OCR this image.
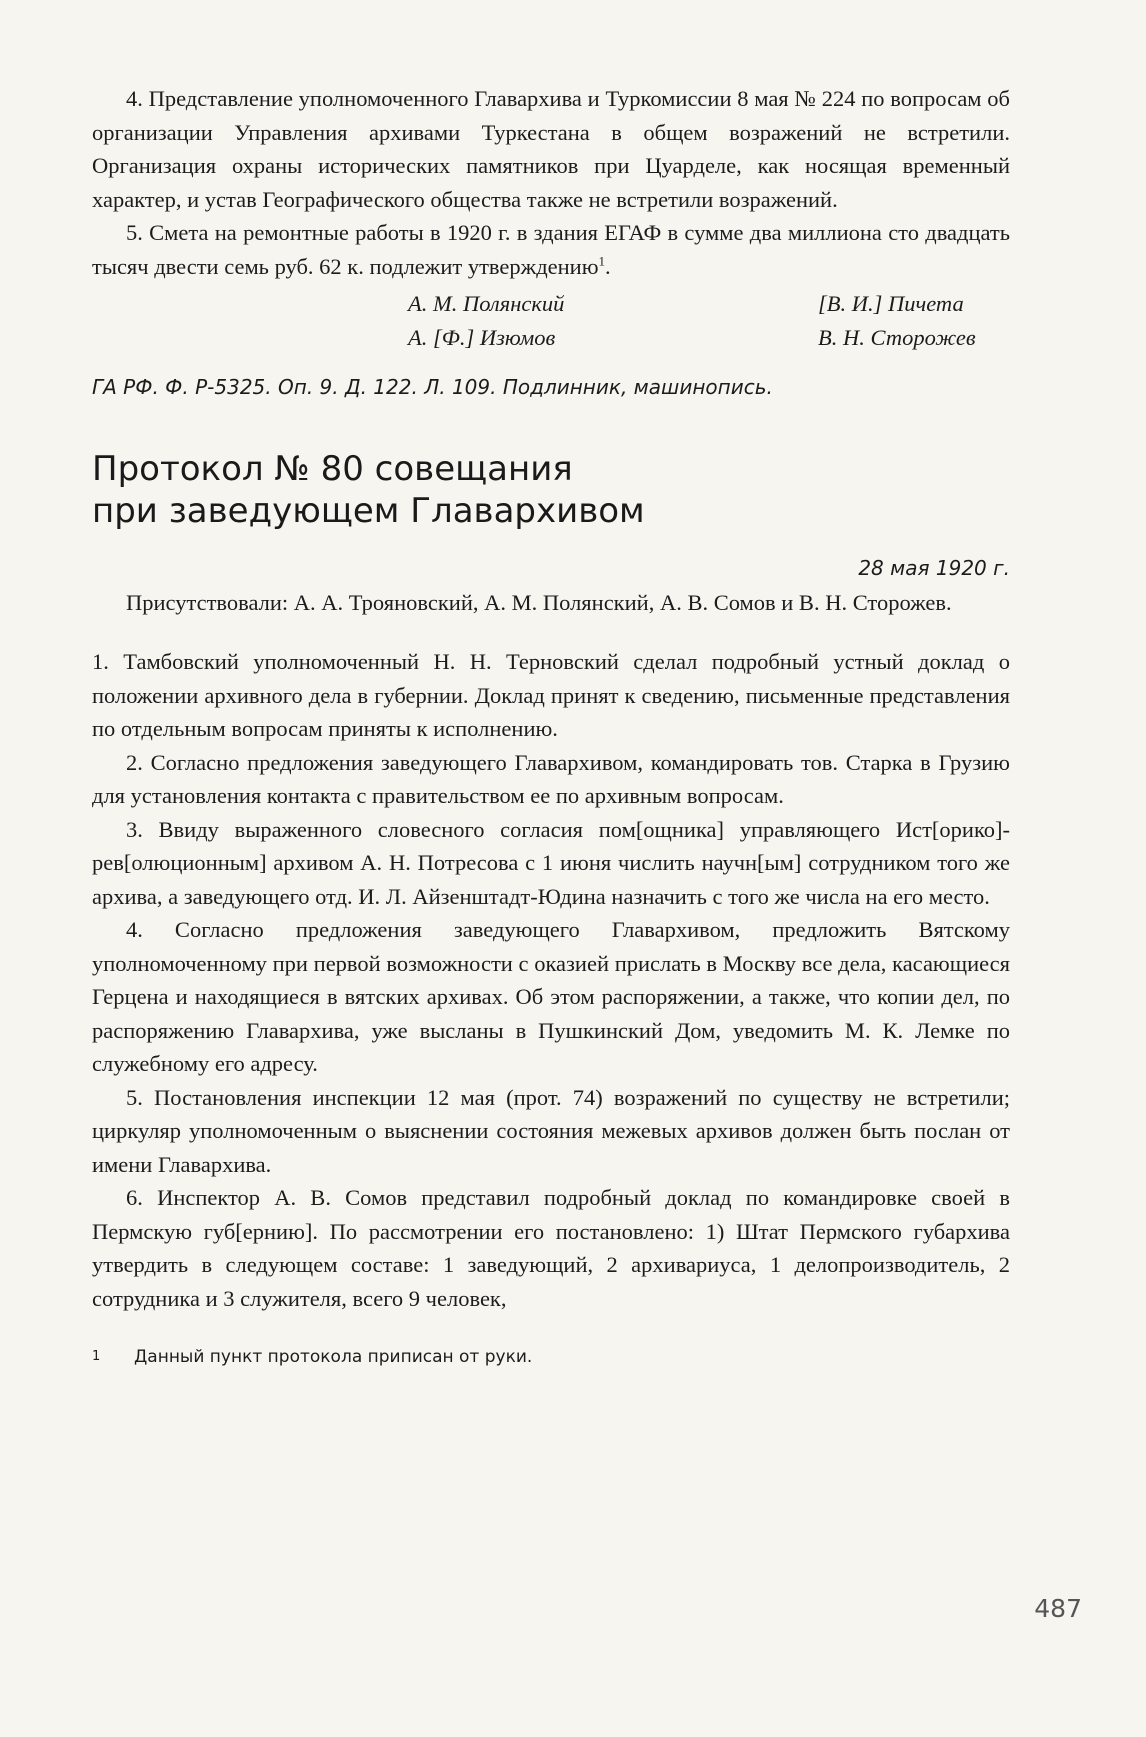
4. Представление уполномоченного Главархива и Туркомиссии 8 мая № 224 по вопросам об организации Управления архивами Туркестана в общем возражений не встретили. Организация охраны исторических памятников при Цуарделе, как носящая временный характер, и устав Географического общества также не встретили возражений.

5. Смета на ремонтные работы в 1920 г. в здания ЕГАФ в сумме два миллиона сто двадцать тысяч двести семь руб. 62 к. подлежит утверждению$^1$.

А. М. Полянский	[В. И.] Пичета
А. [Ф.] Изюмов	В. Н. Сторожев
ГА РФ. Ф. Р-5325. Оп. 9. Д. 122. Л. 109. Подлинник, машинопись.
Протокол № 80 совещания
при заведующем Главархивом
28 мая 1920 г.

Присутствовали: А. А. Трояновский, А. М. Полянский, А. В. Сомов и В. Н. Сторожев.

1. Тамбовский уполномоченный Н. Н. Терновский сделал подробный устный доклад о положении архивного дела в губернии. Доклад принят к сведению, письменные представления по отдельным вопросам приняты к исполнению.

2. Согласно предложения заведующего Главархивом, командировать тов. Старка в Грузию для установления контакта с правительством ее по архивным вопросам.

3. Ввиду выраженного словесного согласия пом[ощника] управляющего Ист[орико]-рев[олюционным] архивом А. Н. Потресова с 1 июня числить научн[ым] сотрудником того же архива, а заведующего отд. И. Л. Айзенштадт-Юдина назначить с того же числа на его место.

4. Согласно предложения заведующего Главархивом, предложить Вятскому уполномоченному при первой возможности с оказией прислать в Москву все дела, касающиеся Герцена и находящиеся в вятских архивах. Об этом распоряжении, а также, что копии дел, по распоряжению Главархива, уже высланы в Пушкинский Дом, уведомить М. К. Лемке по служебному его адресу.

5. Постановления инспекции 12 мая (прот. 74) возражений по существу не встретили; циркуляр уполномоченным о выяснении состояния межевых архивов должен быть послан от имени Главархива.

6. Инспектор А. В. Сомов представил подробный доклад по командировке своей в Пермскую губ[ернию]. По рассмотрении его постановлено: 1) Штат Пермского губархива утвердить в следующем составе: 1 заведующий, 2 архивариуса, 1 делопроизводитель, 2 сотрудника и 3 служителя, всего 9 человек,

1	Данный пункт протокола приписан от руки.
487
